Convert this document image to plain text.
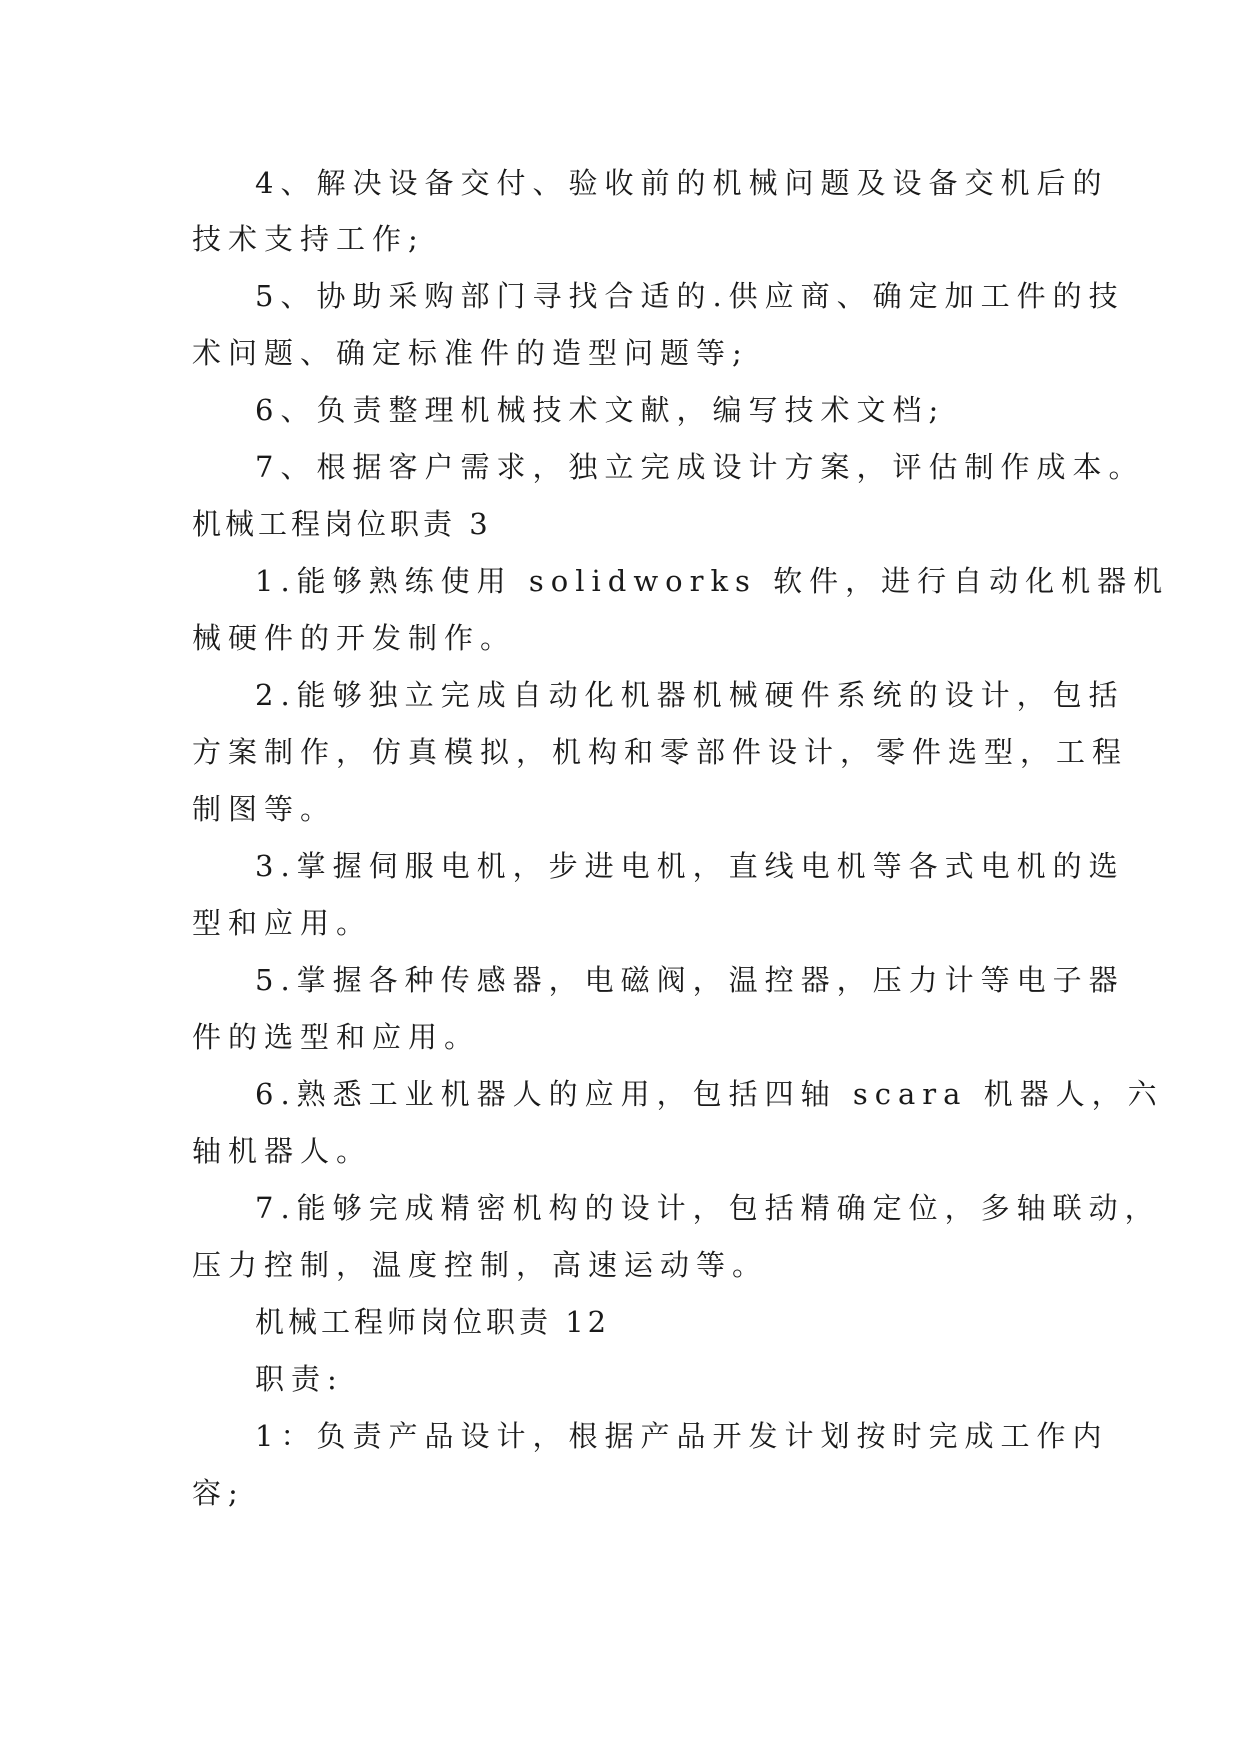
4、解决设备交付、验收前的机械问题及设备交机后的

技术支持工作;

5、协助采购部门寻找合适的.供应商、确定加工件的技

术问题、确定标准件的造型问题等;

6、负责整理机械技术文献，编写技术文档;

7、根据客户需求，独立完成设计方案，评估制作成本。

机械工程岗位职责 3

1.能够熟练使用 solidworks 软件，进行自动化机器机

械硬件的开发制作。

2.能够独立完成自动化机器机械硬件系统的设计，包括

方案制作，仿真模拟，机构和零部件设计，零件选型，工程

制图等。

3.掌握伺服电机，步进电机，直线电机等各式电机的选

型和应用。

5.掌握各种传感器，电磁阀，温控器，压力计等电子器

件的选型和应用。

6.熟悉工业机器人的应用，包括四轴 scara 机器人，六

轴机器人。

7.能够完成精密机构的设计，包括精确定位，多轴联动，

压力控制，温度控制，高速运动等。

机械工程师岗位职责 12

职责:

1：负责产品设计，根据产品开发计划按时完成工作内

容;
